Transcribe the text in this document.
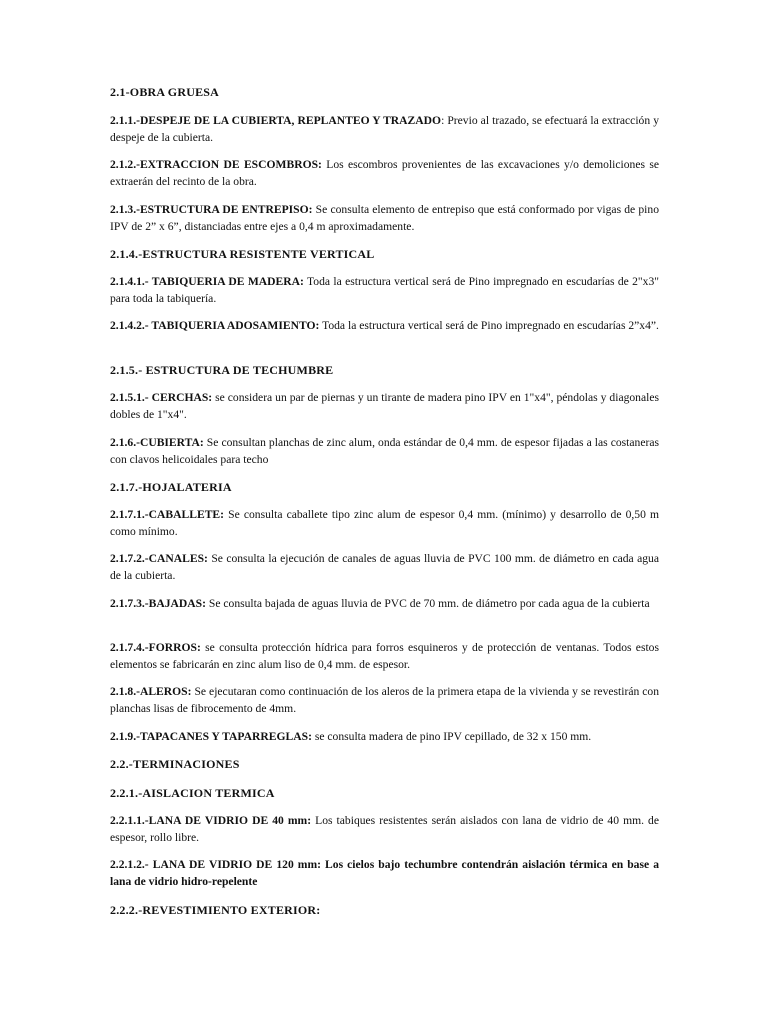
2.1-OBRA GRUESA

2.1.1.-DESPEJE DE LA CUBIERTA, REPLANTEO Y TRAZADO: Previo al trazado, se efectuará la extracción y despeje de la cubierta.

2.1.2.-EXTRACCION DE ESCOMBROS: Los escombros provenientes de las excavaciones y/o demoliciones se extraerán del recinto de la obra.

2.1.3.-ESTRUCTURA DE ENTREPISO: Se consulta elemento de entrepiso que está conformado por vigas de pino IPV de 2” x 6”, distanciadas entre ejes a 0,4 m aproximadamente.

2.1.4.-ESTRUCTURA RESISTENTE VERTICAL

2.1.4.1.- TABIQUERIA DE MADERA: Toda la estructura vertical será de Pino impregnado en escudarías de 2"x3" para toda la tabiquería.

2.1.4.2.- TABIQUERIA ADOSAMIENTO: Toda la estructura vertical será de Pino impregnado en escudarías 2”x4”.

2.1.5.- ESTRUCTURA DE TECHUMBRE

2.1.5.1.- CERCHAS: se considera un par de piernas y un tirante de madera pino IPV en 1"x4", péndolas y diagonales dobles de 1"x4".

2.1.6.-CUBIERTA: Se consultan planchas de zinc alum, onda estándar de 0,4 mm. de espesor fijadas a las costaneras con clavos helicoidales para techo

2.1.7.-HOJALATERIA

2.1.7.1.-CABALLETE: Se consulta caballete tipo zinc alum de espesor 0,4 mm. (mínimo) y desarrollo de 0,50 m como mínimo.

2.1.7.2.-CANALES: Se consulta la ejecución de canales de aguas lluvia de PVC 100 mm. de diámetro en cada agua de la cubierta.

2.1.7.3.-BAJADAS: Se consulta bajada de aguas lluvia de PVC de 70 mm. de diámetro por cada agua de la cubierta

2.1.7.4.-FORROS: se consulta protección hídrica para forros esquineros y de protección de ventanas. Todos estos elementos se fabricarán en zinc alum liso de 0,4 mm. de espesor.

2.1.8.-ALEROS: Se ejecutaran como continuación de los aleros de la primera etapa de la vivienda y se revestirán con planchas lisas de fibrocemento de 4mm.

2.1.9.-TAPACANES Y TAPARREGLAS: se consulta madera de pino IPV cepillado, de 32 x 150 mm.

2.2.-TERMINACIONES

2.2.1.-AISLACION TERMICA

2.2.1.1.-LANA DE VIDRIO DE 40 mm: Los tabiques resistentes serán aislados con lana de vidrio de 40 mm. de espesor, rollo libre.

2.2.1.2.- LANA DE VIDRIO DE 120 mm: Los cielos bajo techumbre contendrán aislación térmica en base a lana de vidrio hidro-repelente

2.2.2.-REVESTIMIENTO EXTERIOR:
